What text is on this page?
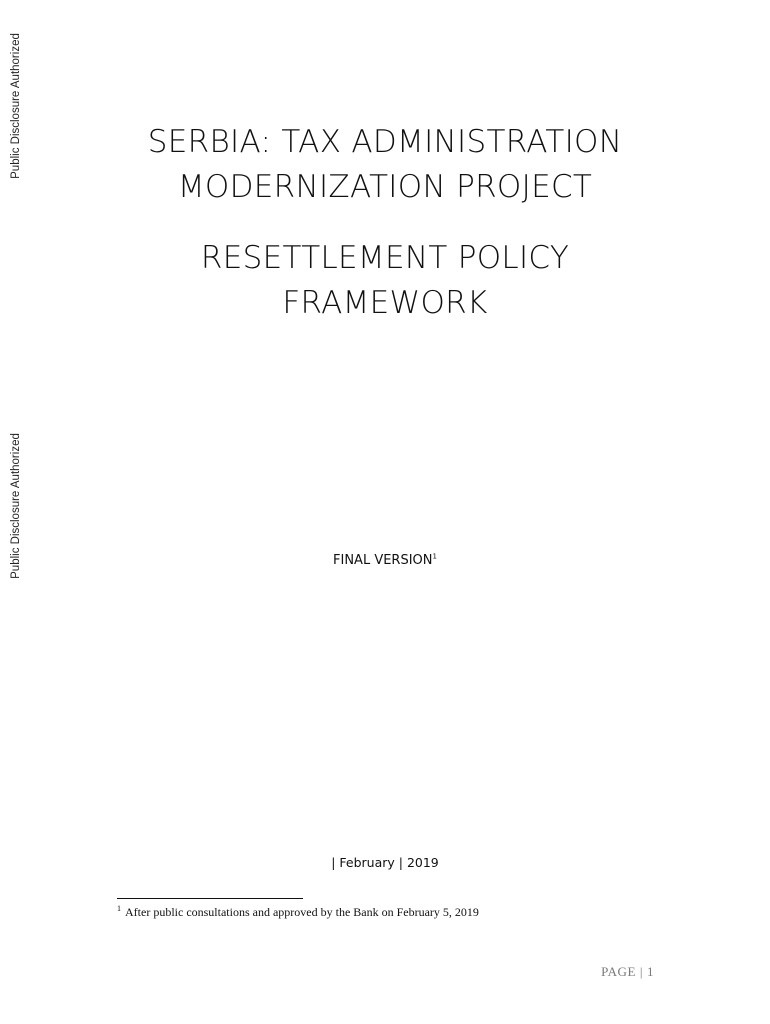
Public Disclosure Authorized
Public Disclosure Authorized
SERBIA: TAX ADMINISTRATION
MODERNIZATION PROJECT
RESETTLEMENT POLICY
FRAMEWORK
FINAL VERSION$^1$
| February | 2019
$^1$ After public consultations and approved by the Bank on February 5, 2019
PAGE | 1
